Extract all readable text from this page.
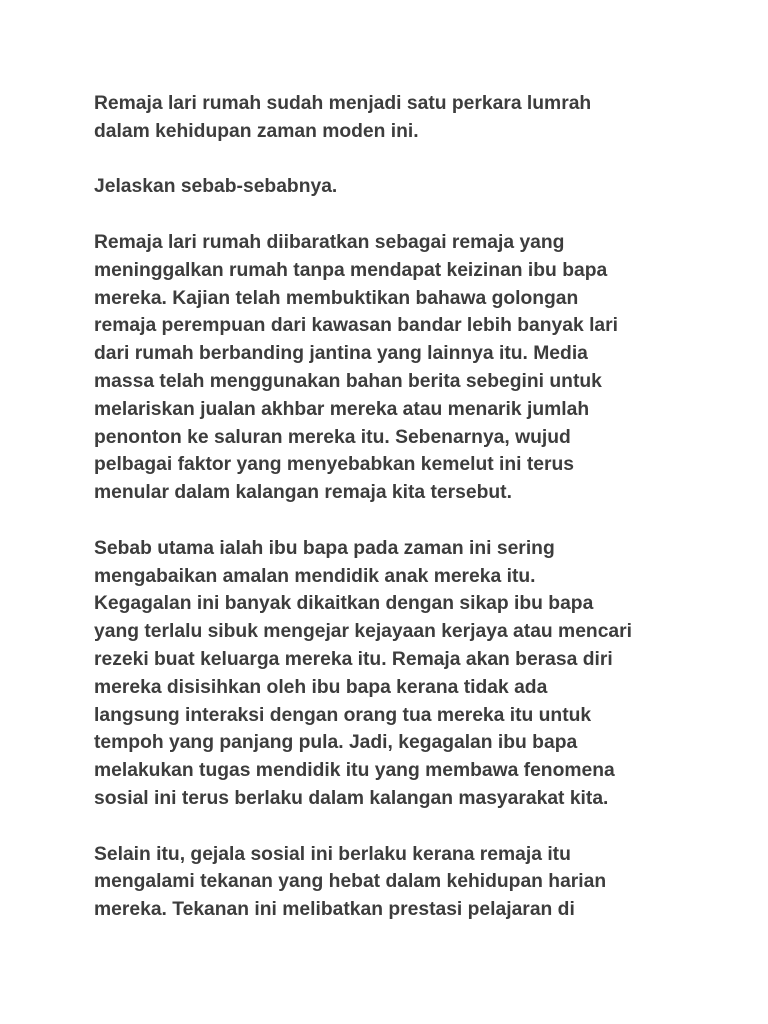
Remaja lari rumah sudah menjadi satu perkara lumrah
dalam kehidupan zaman moden ini.
Jelaskan sebab-sebabnya.
Remaja lari rumah diibaratkan sebagai remaja yang
meninggalkan rumah tanpa mendapat keizinan ibu bapa
mereka. Kajian telah membuktikan bahawa golongan
remaja perempuan dari kawasan bandar lebih banyak lari
dari rumah berbanding jantina yang lainnya itu. Media
massa telah menggunakan bahan berita sebegini untuk
melariskan jualan akhbar mereka atau menarik jumlah
penonton ke saluran mereka itu. Sebenarnya, wujud
pelbagai faktor yang menyebabkan kemelut ini terus
menular dalam kalangan remaja kita tersebut.
Sebab utama ialah ibu bapa pada zaman ini sering
mengabaikan amalan mendidik anak mereka itu.
Kegagalan ini banyak dikaitkan dengan sikap ibu bapa
yang terlalu sibuk mengejar kejayaan kerjaya atau mencari
rezeki buat keluarga mereka itu. Remaja akan berasa diri
mereka disisihkan oleh ibu bapa kerana tidak ada
langsung interaksi dengan orang tua mereka itu untuk
tempoh yang panjang pula. Jadi, kegagalan ibu bapa
melakukan tugas mendidik itu yang membawa fenomena
sosial ini terus berlaku dalam kalangan masyarakat kita.
Selain itu, gejala sosial ini berlaku kerana remaja itu
mengalami tekanan yang hebat dalam kehidupan harian
mereka. Tekanan ini melibatkan prestasi pelajaran di
